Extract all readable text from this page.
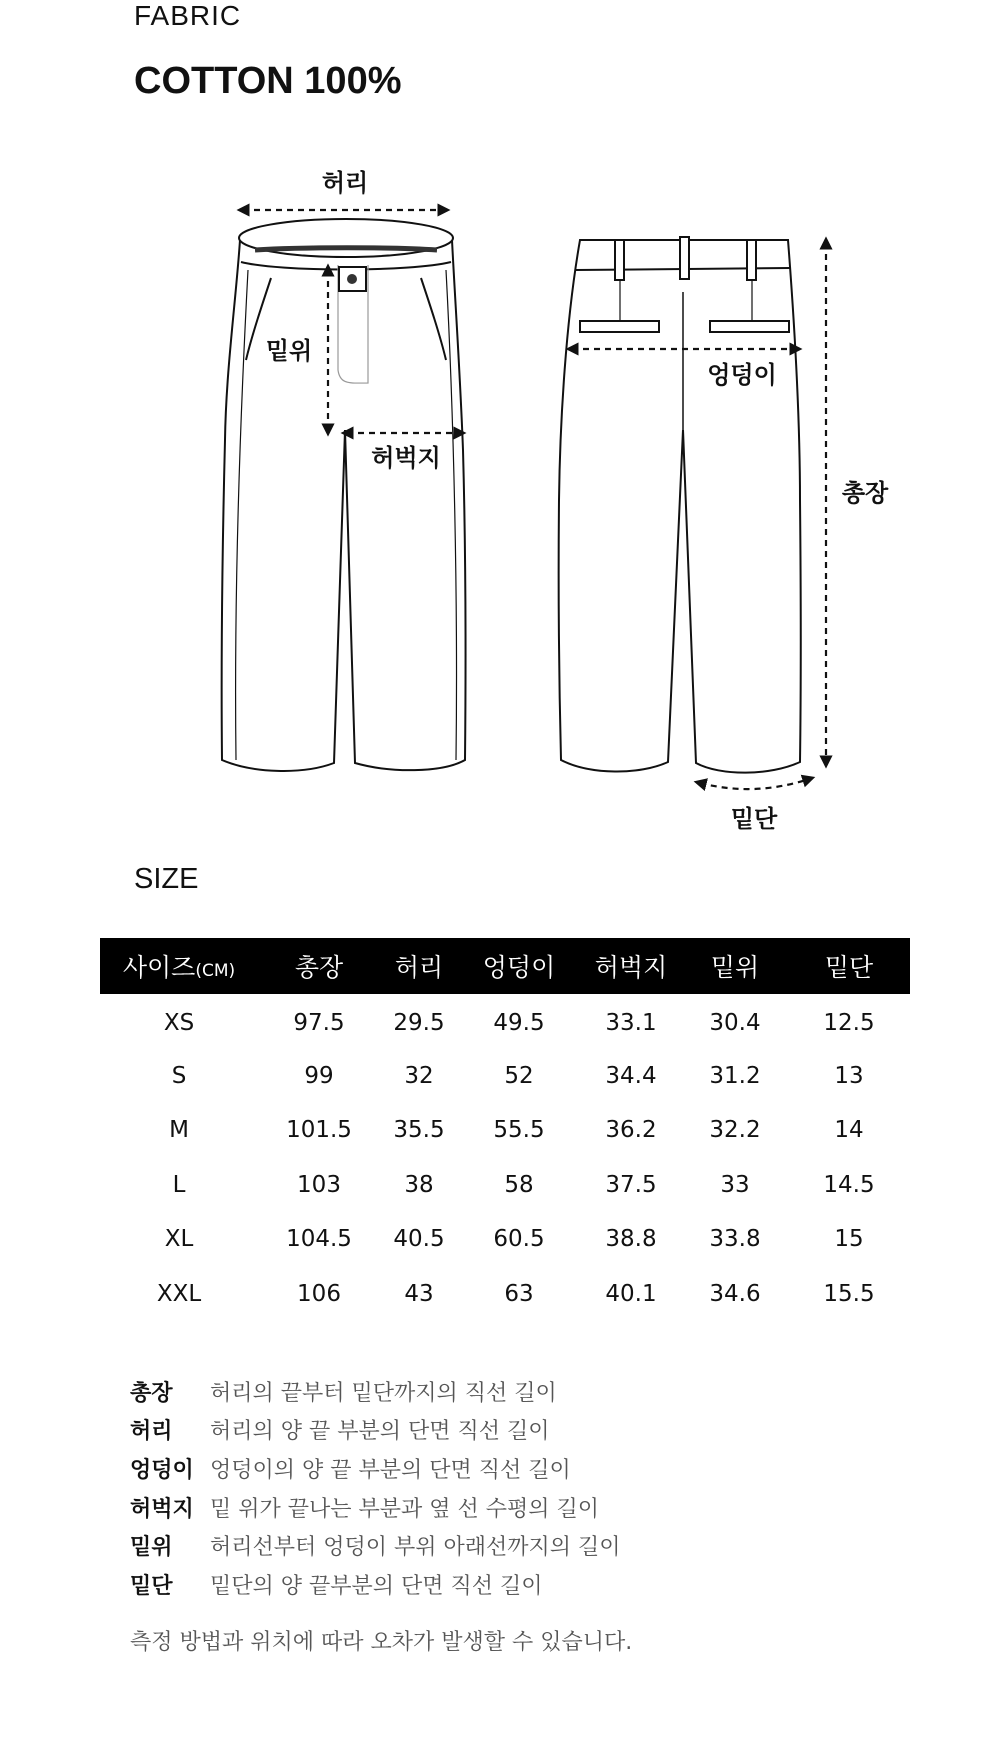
FABRIC
COTTON 100%
허리
밑위
허벅지
엉덩이
총장
밑단
SIZE
사이즈(CM)	총장	허리	엉덩이	허벅지	밑위	밑단
XS	97.5	29.5	49.5	33.1	30.4	12.5
S	99	32	52	34.4	31.2	13
M	101.5	35.5	55.5	36.2	32.2	14
L	103	38	58	37.5	33	14.5
XL	104.5	40.5	60.5	38.8	33.8	15
XXL	106	43	63	40.1	34.6	15.5
총장	허리의 끝부터 밑단까지의 직선 길이
허리	허리의 양 끝 부분의 단면 직선 길이
엉덩이 엉덩이의 양 끝 부분의 단면 직선 길이
허벅지 밑 위가 끝나는 부분과 옆 선 수평의 길이
밑위	허리선부터 엉덩이 부위 아래선까지의 길이
밑단	밑단의 양 끝부분의 단면 직선 길이
측정 방법과 위치에 따라 오차가 발생할 수 있습니다.
